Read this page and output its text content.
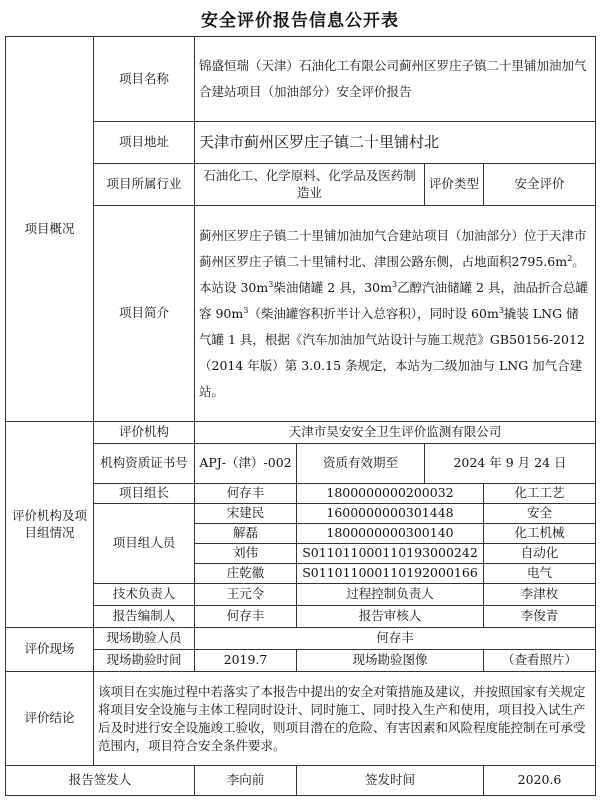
安全评价报告信息公开表
项目概况	项目名称	锦盛恒瑞（天津）石油化工有限公司蓟州区罗庄子镇二十里铺加油加气合建站项目（加油部分）安全评价报告			
	项目地址	天津市蓟州区罗庄子镇二十里铺村北			
	项目所属行业	石油化工、化学原料、化学品及医药制造业		评价类型	安全评价
	项目简介	蓟州区罗庄子镇二十里铺加油加气合建站项目（加油部分）位于天津市蓟州区罗庄子镇二十里铺村北、津围公路东侧，占地面积$2795.6m^2$。本站设 $30m^3$柴油储罐 2 具，$30m^3$乙醇汽油储罐 2 具，油品折合总罐容 $90m^3$（柴油罐容积折半计入总容积），同时设 $60m^3$撬装 LNG 储气罐 1 具，根据《汽车加油加气站设计与施工规范》GB50156-2012（2014 年版）第 3.0.15 条规定，本站为二级加油与 LNG 加气合建站。			

评价机构及项目组情况	评价机构	天津市昊安安全卫生评价监测有限公司			
	机构资质证书号	APJ-（津）-002	资质有效期至	2024 年 9 月 24 日	
	项目组长	何存丰	1800000000200032		化工工艺
	项目组人员	宋建民	1600000000301448		安全
		解磊	1800000000300140		化工机械
		刘伟	S011011000110193000242		自动化
		庄乾徽	S011011000110192000166		电气
	技术负责人	王元令	过程控制负责人		李津枚
	报告编制人	何存丰	报告审核人		李俊青

评价现场	现场勘验人员	何存丰			
	现场勘验时间	2019.7	现场勘验图像		（查看照片）
评价结论	该项目在实施过程中若落实了本报告中提出的安全对策措施及建议，并按照国家有关规定将项目安全设施与主体工程同时设计、同时施工、同时投入生产和使用，项目投入试生产后及时进行安全设施竣工验收，则项目潜在的危险、有害因素和风险程度能控制在可承受范围内，项目符合安全条件要求。				
报告签发人		李向前	签发时间		2020.6
